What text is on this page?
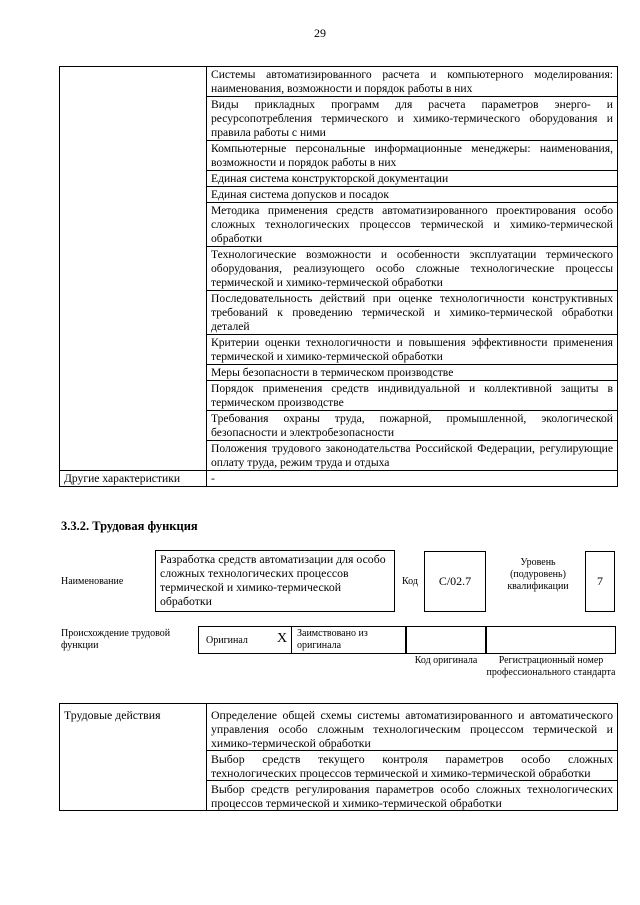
29
	Системы автоматизированного расчета и компьютерного моделирования: наименования, возможности и порядок работы в них
	Виды прикладных программ для расчета параметров энерго- и ресурсопотребления термического и химико-термического оборудования и правила работы с ними
	Компьютерные персональные информационные менеджеры: наименования, возможности и порядок работы в них
	Единая система конструкторской документации
	Единая система допусков и посадок
	Методика применения средств автоматизированного проектирования особо сложных технологических процессов термической и химико-термической обработки
	Технологические возможности и особенности эксплуатации термического оборудования, реализующего особо сложные технологические процессы термической и химико-термической обработки
	Последовательность действий при оценке технологичности конструктивных требований к проведению термической и химико-термической обработки деталей
	Критерии оценки технологичности и повышения эффективности применения термической и химико-термической обработки
	Меры безопасности в термическом производстве
	Порядок применения средств индивидуальной и коллективной защиты в термическом производстве
	Требования охраны труда, пожарной, промышленной, экологической безопасности и электробезопасности
	Положения трудового законодательства Российской Федерации, регулирующие оплату труда, режим труда и отдыха
Другие характеристики	-
3.3.2. Трудовая функция
Наименование
Разработка средств автоматизации для особо сложных технологических процессов термической и химико-термической обработки
Код	C/02.7
Уровень (подуровень) квалификации	7
Происхождение трудовой функции	Оригинал X Заимствовано из оригинала
Код оригинала	Регистрационный номер профессионального стандарта
Трудовые действия	Определение общей схемы системы автоматизированного и автоматического управления особо сложным технологическим процессом термической и химико-термической обработки
Выбор средств текущего контроля параметров особо сложных технологических процессов термической и химико-термической обработки
Выбор средств регулирования параметров особо сложных технологических процессов термической и химико-термической обработки
